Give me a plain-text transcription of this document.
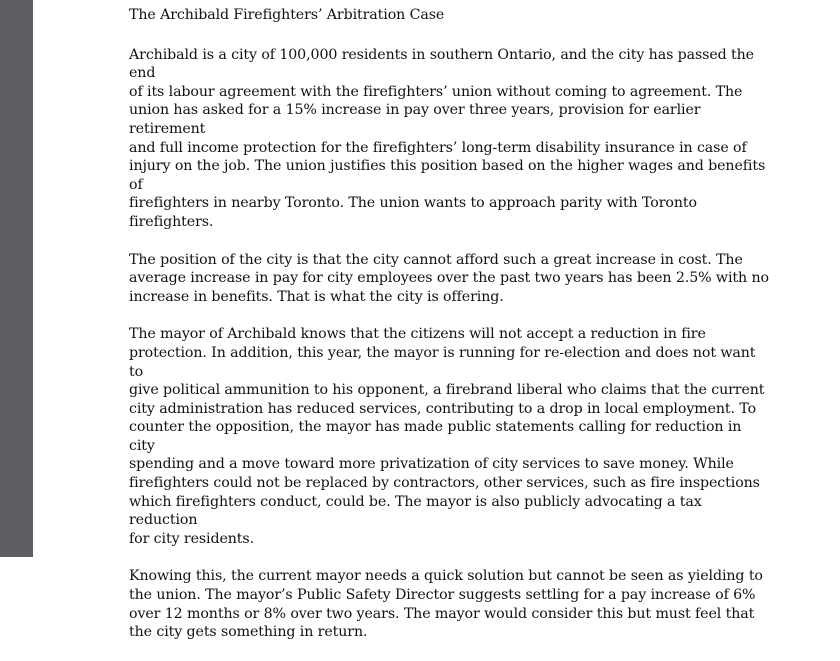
The Archibald Firefighters’ Arbitration Case

Archibald is a city of 100,000 residents in southern Ontario, and the city has passed the end
of its labour agreement with the firefighters’ union without coming to agreement. The
union has asked for a 15% increase in pay over three years, provision for earlier retirement
and full income protection for the firefighters’ long-term disability insurance in case of
injury on the job. The union justifies this position based on the higher wages and benefits of
firefighters in nearby Toronto. The union wants to approach parity with Toronto
firefighters.

The position of the city is that the city cannot afford such a great increase in cost. The
average increase in pay for city employees over the past two years has been 2.5% with no
increase in benefits. That is what the city is offering.

The mayor of Archibald knows that the citizens will not accept a reduction in fire
protection. In addition, this year, the mayor is running for re-election and does not want to
give political ammunition to his opponent, a firebrand liberal who claims that the current
city administration has reduced services, contributing to a drop in local employment. To
counter the opposition, the mayor has made public statements calling for reduction in city
spending and a move toward more privatization of city services to save money. While
firefighters could not be replaced by contractors, other services, such as fire inspections
which firefighters conduct, could be. The mayor is also publicly advocating a tax reduction
for city residents.

Knowing this, the current mayor needs a quick solution but cannot be seen as yielding to
the union. The mayor’s Public Safety Director suggests settling for a pay increase of 6%
over 12 months or 8% over two years. The mayor would consider this but must feel that
the city gets something in return.
